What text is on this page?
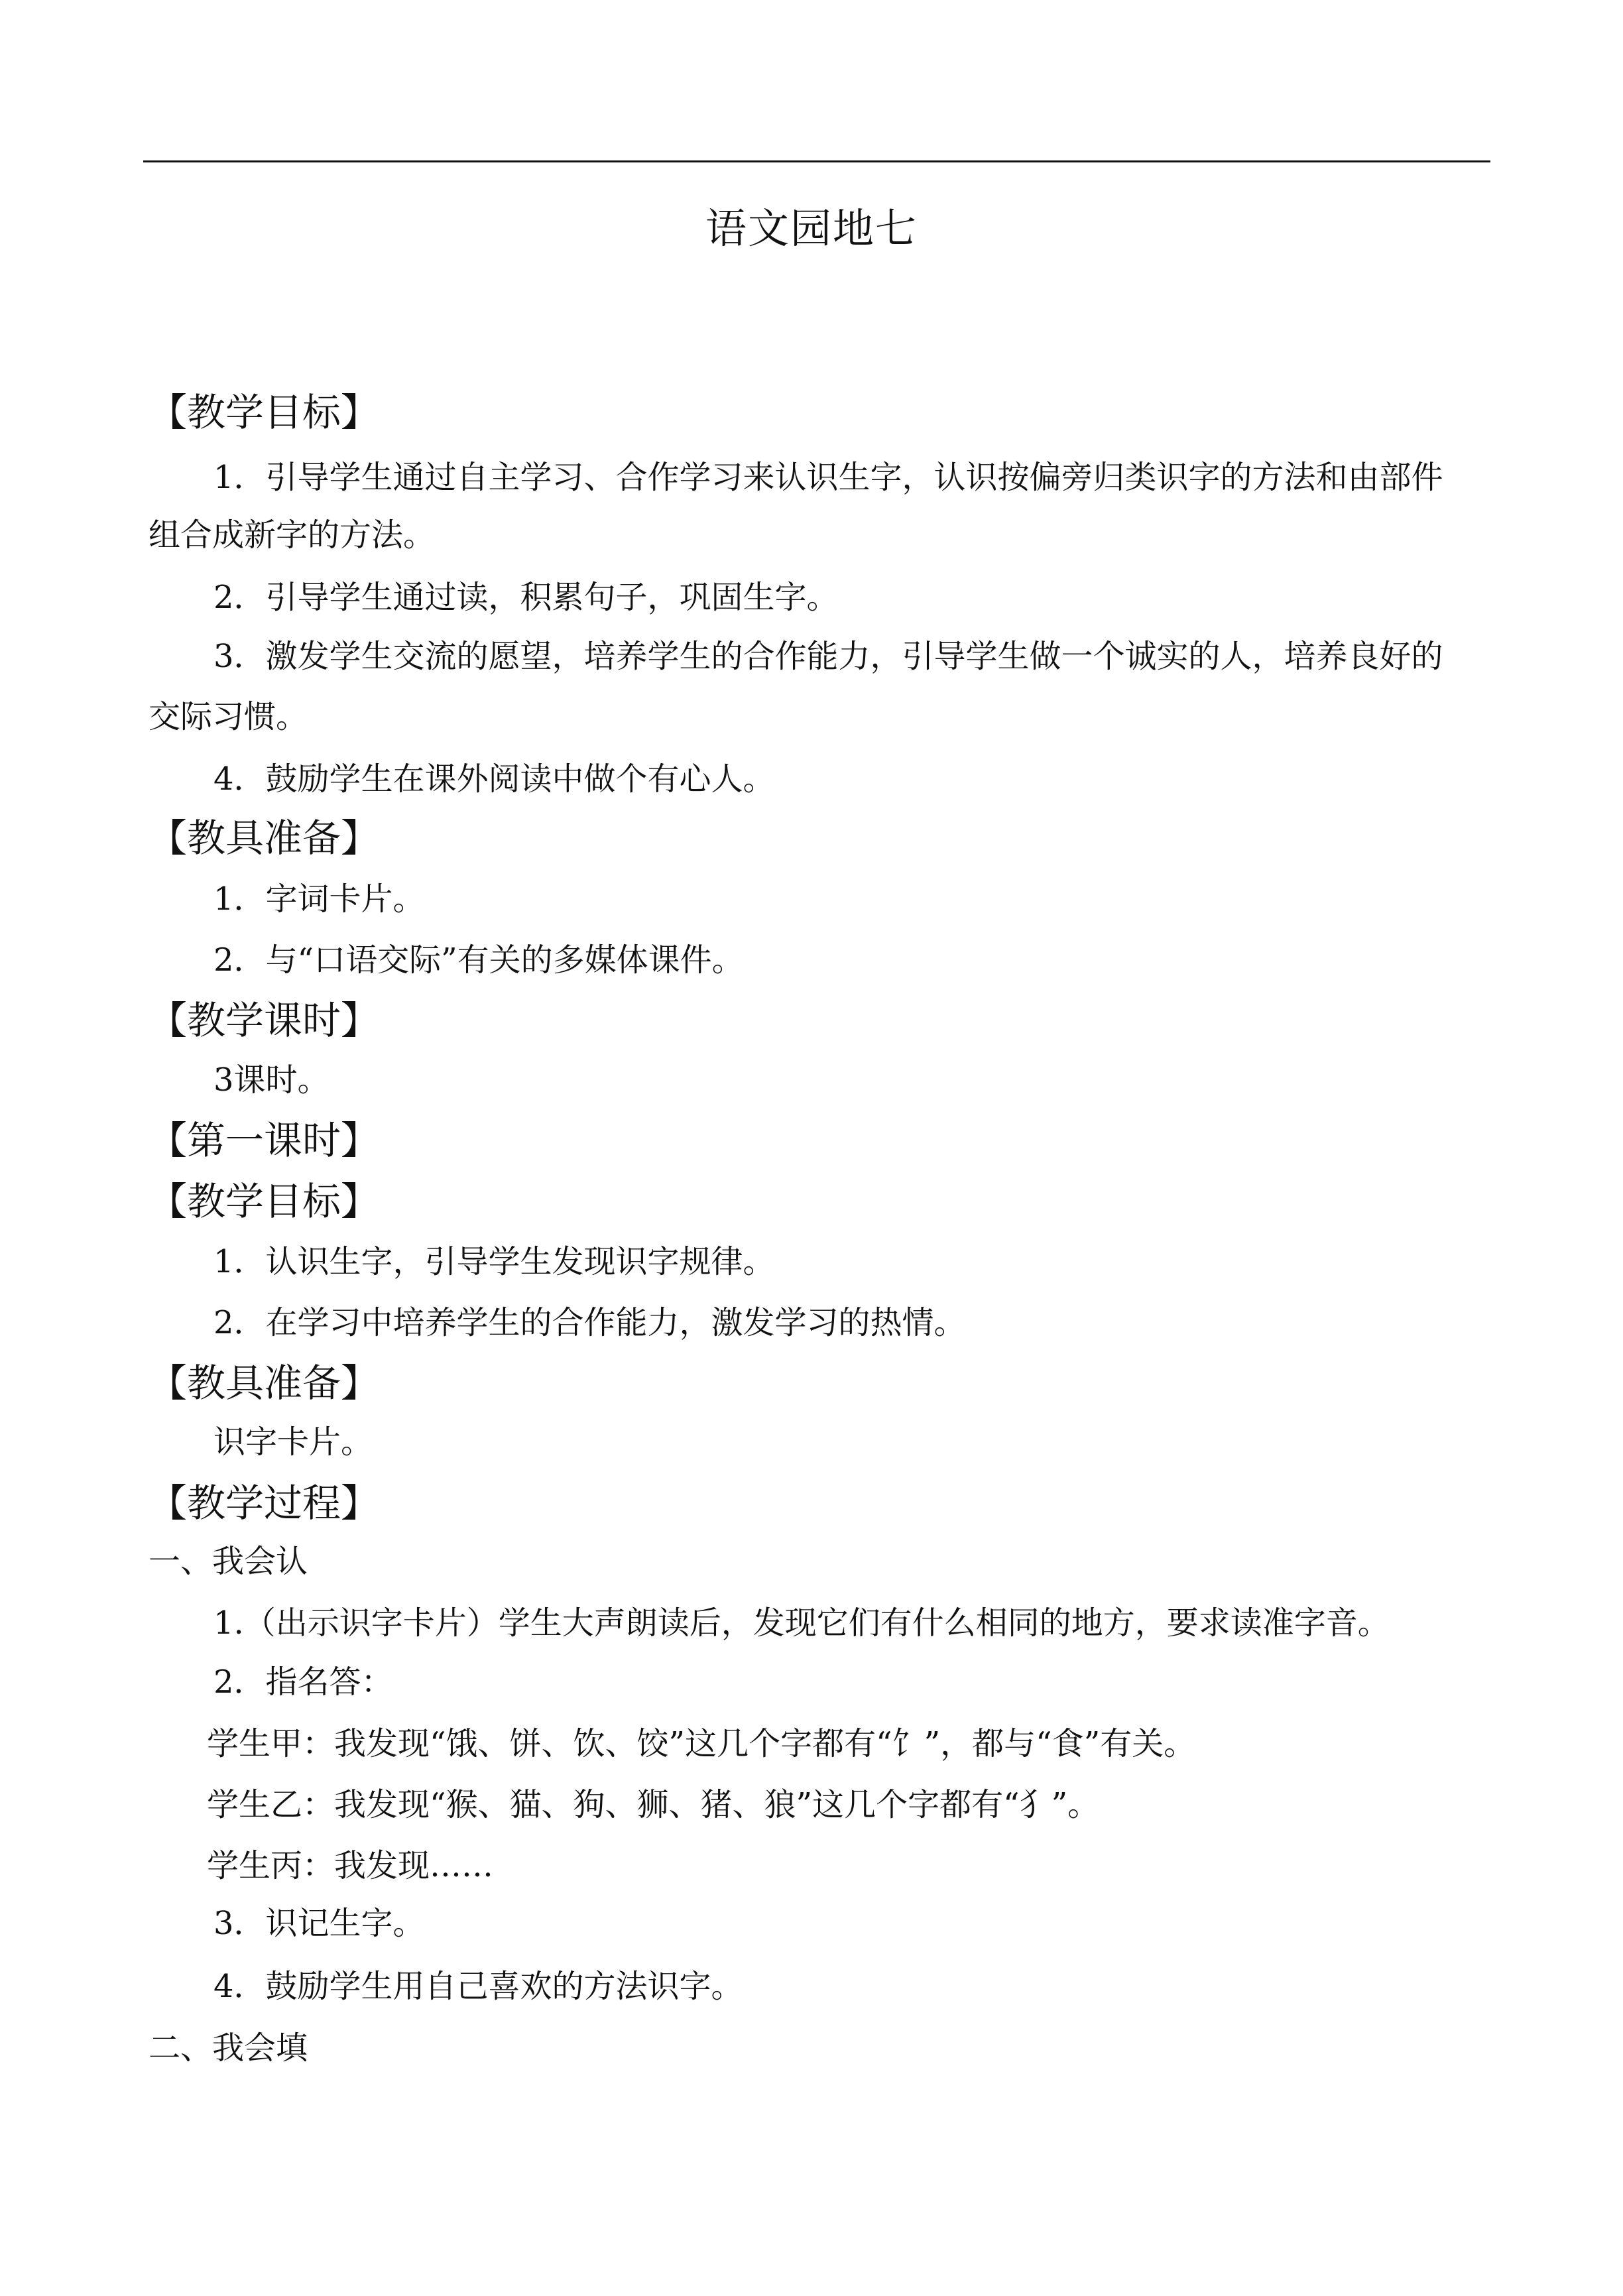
语文园地七
【教学目标】
1．引导学生通过自主学习、合作学习来认识生字，认识按偏旁归类识字的方法和由部件
组合成新字的方法。
2．引导学生通过读，积累句子，巩固生字。
3．激发学生交流的愿望，培养学生的合作能力，引导学生做一个诚实的人，培养良好的
交际习惯。
4．鼓励学生在课外阅读中做个有心人。
【教具准备】
1．字词卡片。
2．与“口语交际”有关的多媒体课件。
【教学课时】
3课时。
【第一课时】
【教学目标】
1．认识生字，引导学生发现识字规律。
2．在学习中培养学生的合作能力，激发学习的热情。
【教具准备】
识字卡片。
【教学过程】
一、我会认
1.（出示识字卡片）学生大声朗读后，发现它们有什么相同的地方，要求读准字音。
2．指名答：
学生甲：我发现“饿、饼、饮、饺”这几个字都有“饣”，都与“食”有关。
学生乙：我发现“猴、猫、狗、狮、猪、狼”这几个字都有“犭”。
学生丙：我发现……
3．识记生字。
4．鼓励学生用自己喜欢的方法识字。
二、我会填
